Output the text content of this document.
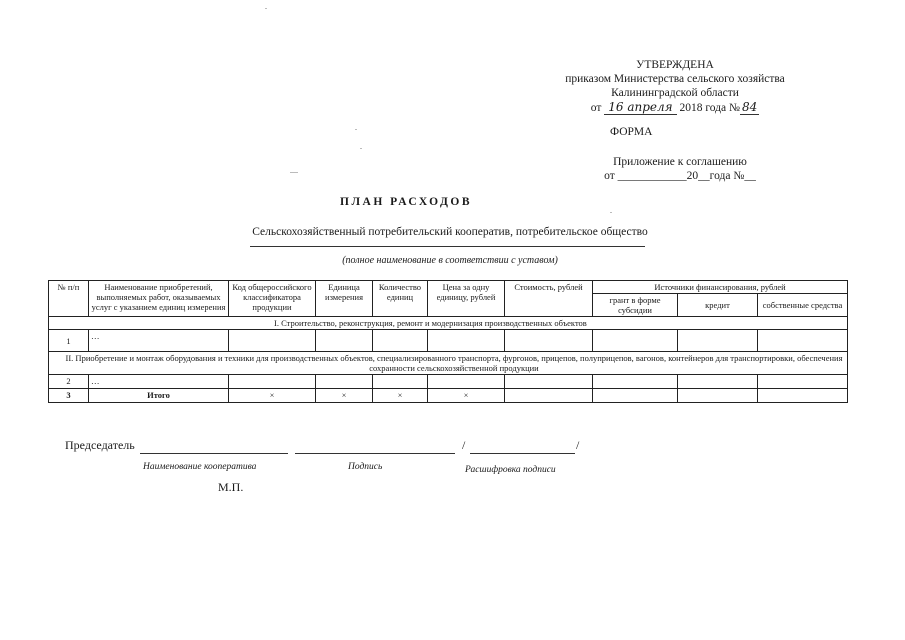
УТВЕРЖДЕНА
приказом Министерства сельского хозяйства
Калининградской области
от 16 апреля 2018 года № 84
ФОРМА
Приложение к соглашению
от ____________20__года №__
ПЛАН РАСХОДОВ
Сельскохозяйственный потребительский кооператив, потребительское общество
(полное наименование в соответствии с уставом)
№ п/п	Наименование приобретений, выполняемых работ, оказываемых услуг с указанием единиц измерения	Код общероссийского классификатора продукции	Единица измерения	Количество единиц	Цена за одну единицу, рублей	Стоимость, рублей	Источники финансирования, рублей		
							грант в форме субсидии	кредит	собственные средства
I. Строительство, реконструкция, ремонт и модернизация производственных объектов									
1	…								
II. Приобретение и монтаж оборудования и техники для производственных объектов, специализированного транспорта, фургонов, прицепов, полуприцепов, вагонов, контейнеров для транспортировки, обеспечения сохранности сельскохозяйственной продукции									
2	…								
3	Итого	×	×	×	×				
Председатель	/	/
Наименование кооператива	Подпись	Расшифровка подписи
М.П.
